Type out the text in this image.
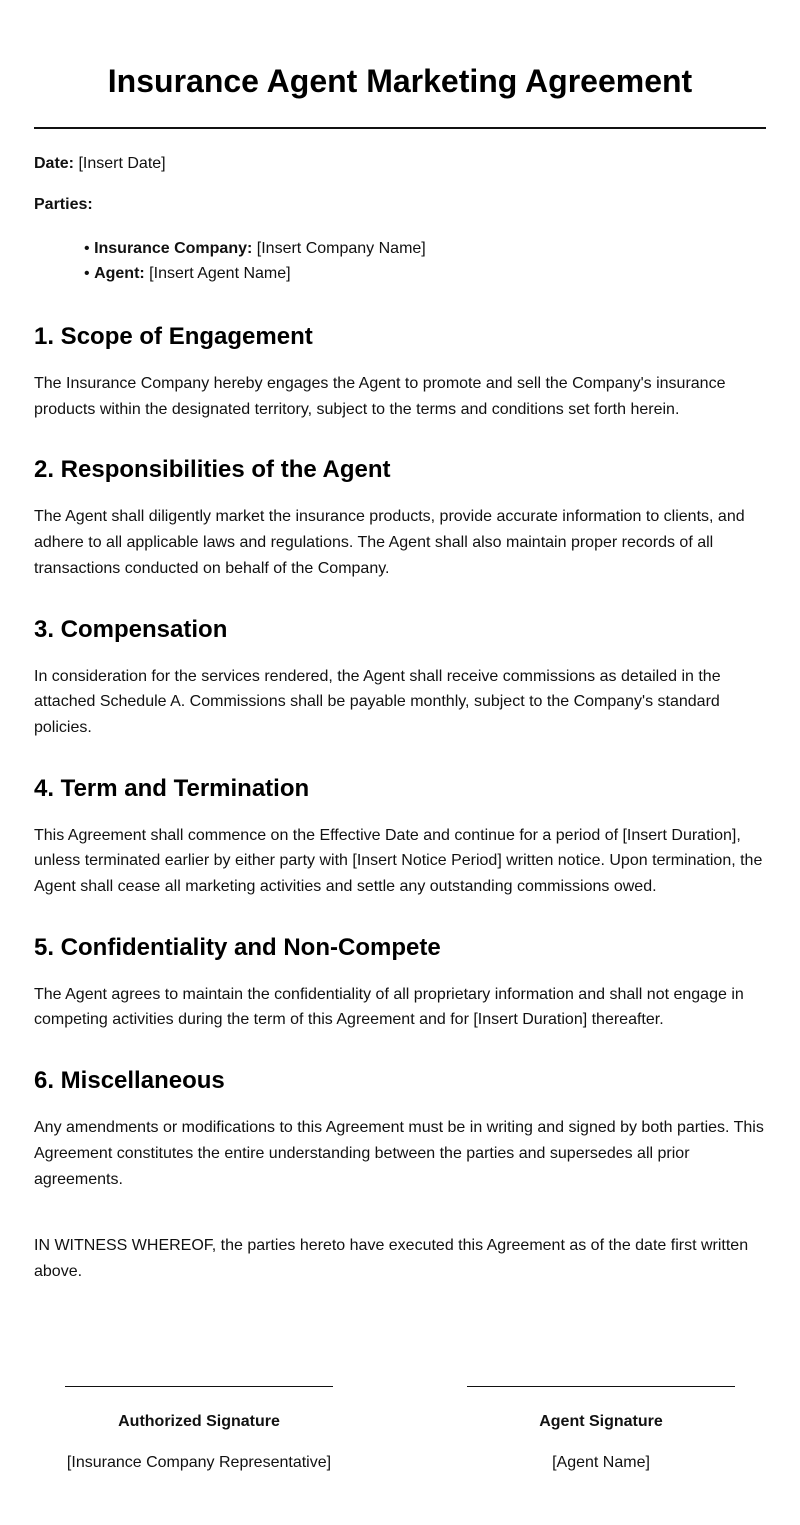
Insurance Agent Marketing Agreement

Date: [Insert Date]

Parties:

• Insurance Company: [Insert Company Name]
• Agent: [Insert Agent Name]
1. Scope of Engagement

The Insurance Company hereby engages the Agent to promote and sell the Company's insurance products within the designated territory, subject to the terms and conditions set forth herein.

2. Responsibilities of the Agent

The Agent shall diligently market the insurance products, provide accurate information to clients, and adhere to all applicable laws and regulations. The Agent shall also maintain proper records of all transactions conducted on behalf of the Company.

3. Compensation

In consideration for the services rendered, the Agent shall receive commissions as detailed in the attached Schedule A. Commissions shall be payable monthly, subject to the Company's standard policies.

4. Term and Termination

This Agreement shall commence on the Effective Date and continue for a period of [Insert Duration], unless terminated earlier by either party with [Insert Notice Period] written notice. Upon termination, the Agent shall cease all marketing activities and settle any outstanding commissions owed.

5. Confidentiality and Non-Compete

The Agent agrees to maintain the confidentiality of all proprietary information and shall not engage in competing activities during the term of this Agreement and for [Insert Duration] thereafter.

6. Miscellaneous

Any amendments or modifications to this Agreement must be in writing and signed by both parties. This Agreement constitutes the entire understanding between the parties and supersedes all prior agreements.

IN WITNESS WHEREOF, the parties hereto have executed this Agreement as of the date first written above.

Authorized Signature
[Insurance Company Representative]
Agent Signature
[Agent Name]
